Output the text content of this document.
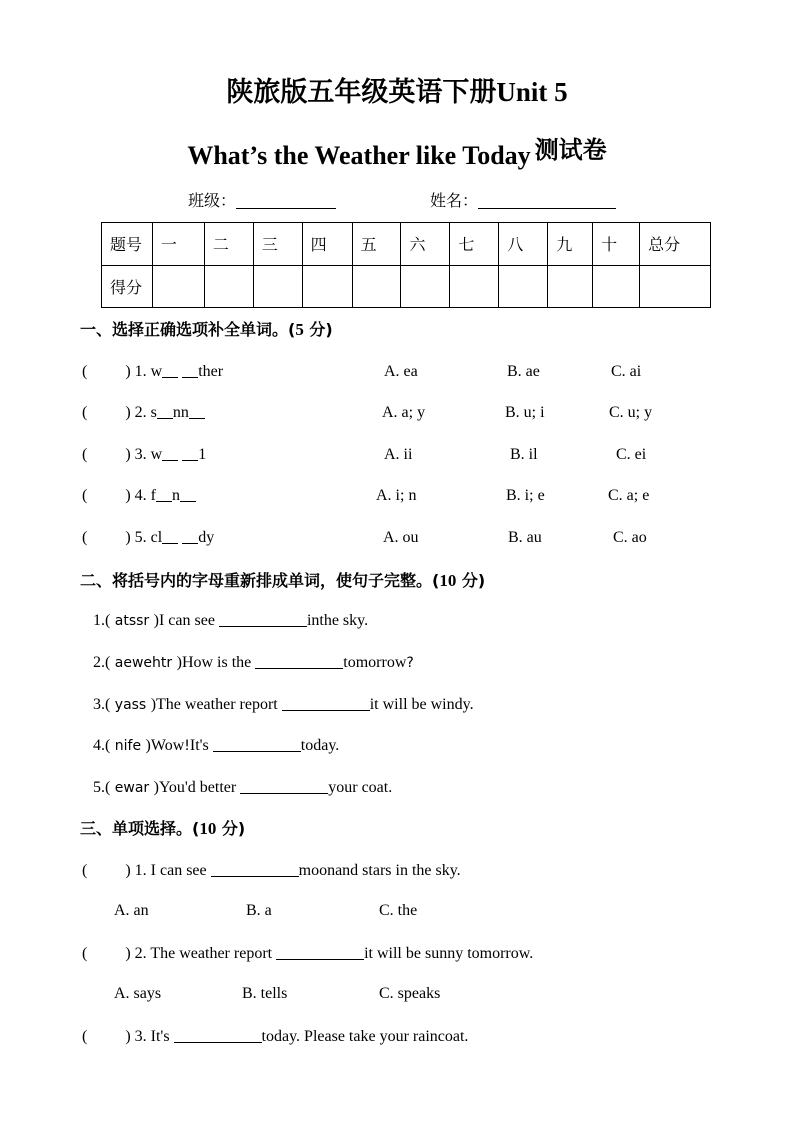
陕旅版五年级英语下册Unit 5
What’s the Weather like Today 测试卷
班级：	姓名：
题号	一	二	三	四	五	六	七	八	九	十	总分
得分											
一、选择正确选项补全单词。(5 分)
( ) 1. w ther	A. ea	B. ae	C. ai
( ) 2. s nn	A. a; y	B. u; i	C. u; y
( ) 3. w 1	A. ii	B. il	C. ei
( ) 4. f n	A. i; n	B. i; e	C. a; e
( ) 5. cl dy	A. ou	B. au	C. ao
二、将括号内的字母重新排成单词，使句子完整。(10 分)
1.( atssr )I can see	inthe sky.
2.( aewehtr )How is the	tomorrow?
3.( yass )The weather report	it will be windy.
4.( nife )Wow!It's	today.
5.( ewar )You'd better	your coat.
三、单项选择。(10 分)
( ) 1. I can see	moonand stars in the sky.
A. an	B. a	C. the
( ) 2. The weather report	it will be sunny tomorrow.
A. says	B. tells	C. speaks
( ) 3. It's	today. Please take your raincoat.
